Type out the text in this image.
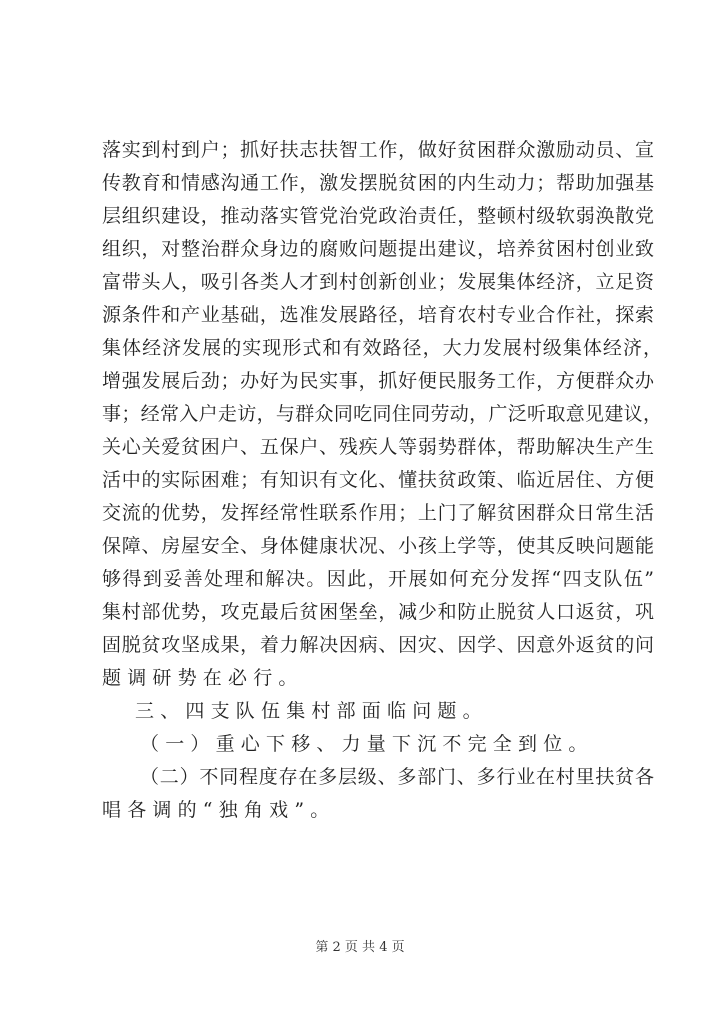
落实到村到户；抓好扶志扶智工作，做好贫困群众激励动员、宣
传教育和情感沟通工作，激发摆脱贫困的内生动力；帮助加强基
层组织建设，推动落实管党治党政治责任，整顿村级软弱涣散党
组织，对整治群众身边的腐败问题提出建议，培养贫困村创业致
富带头人，吸引各类人才到村创新创业；发展集体经济，立足资
源条件和产业基础，选准发展路径，培育农村专业合作社，探索
集体经济发展的实现形式和有效路径，大力发展村级集体经济，
增强发展后劲；办好为民实事，抓好便民服务工作，方便群众办
事；经常入户走访，与群众同吃同住同劳动，广泛听取意见建议，
关心关爱贫困户、五保户、残疾人等弱势群体，帮助解决生产生
活中的实际困难；有知识有文化、懂扶贫政策、临近居住、方便
交流的优势，发挥经常性联系作用；上门了解贫困群众日常生活
保障、房屋安全、身体健康状况、小孩上学等，使其反映问题能
够得到妥善处理和解决。因此，开展如何充分发挥“四支队伍”
集村部优势，攻克最后贫困堡垒，减少和防止脱贫人口返贫，巩
固脱贫攻坚成果，着力解决因病、因灾、因学、因意外返贫的问
题调研势在必行。
三、四支队伍集村部面临问题。
（一）重心下移、力量下沉不完全到位。
（二）不同程度存在多层级、多部门、多行业在村里扶贫各
唱各调的“独角戏”。
第 2 页 共 4 页
